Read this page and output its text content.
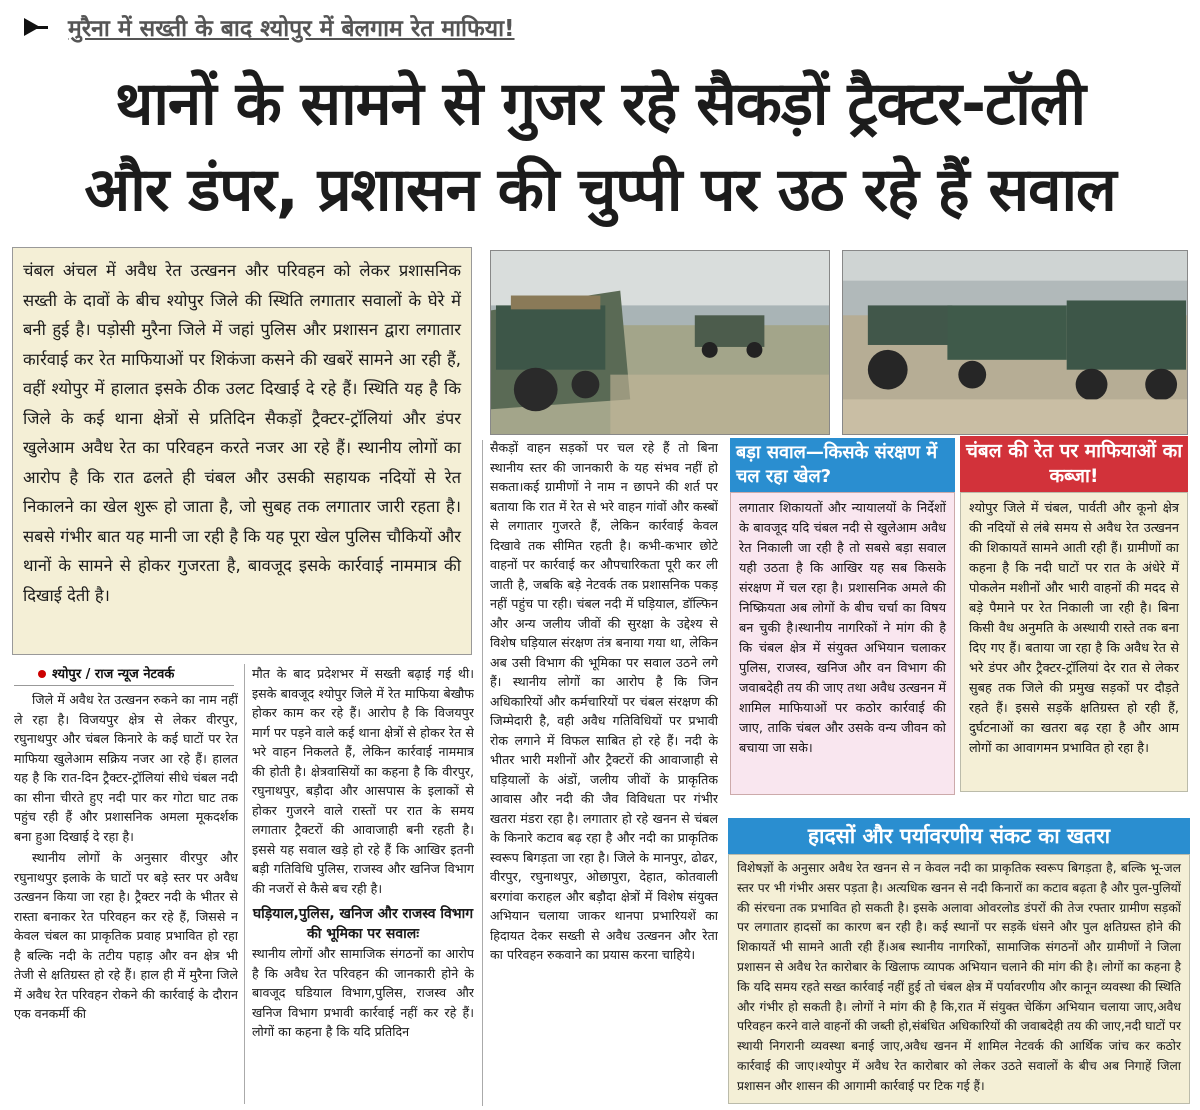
मुरैना में सख्ती के बाद श्योपुर में बेलगाम रेत माफिया!
थानों के सामने से गुजर रहे सैकड़ों ट्रैक्टर-टॉली
और डंपर, प्रशासन की चुप्पी पर उठ रहे हैं सवाल
चंबल अंचल में अवैध रेत उत्खनन और परिवहन को लेकर प्रशासनिक सख्ती के दावों के बीच श्योपुर जिले की स्थिति लगातार सवालों के घेरे में बनी हुई है। पड़ोसी मुरैना जिले में जहां पुलिस और प्रशासन द्वारा लगातार कार्रवाई कर रेत माफियाओं पर शिकंजा कसने की खबरें सामने आ रही हैं, वहीं श्योपुर में हालात इसके ठीक उलट दिखाई दे रहे हैं। स्थिति यह है कि जिले के कई थाना क्षेत्रों से प्रतिदिन सैकड़ों ट्रैक्टर-ट्रॉलियां और डंपर खुलेआम अवैध रेत का परिवहन करते नजर आ रहे हैं। स्थानीय लोगों का आरोप है कि रात ढलते ही चंबल और उसकी सहायक नदियों से रेत निकालने का खेल शुरू हो जाता है, जो सुबह तक लगातार जारी रहता है। सबसे गंभीर बात यह मानी जा रही है कि यह पूरा खेल पुलिस चौकियों और थानों के सामने से होकर गुजरता है, बावजूद इसके कार्रवाई नाममात्र की दिखाई देती है।
श्योपुर / राज न्यूज नेटवर्क

जिले में अवैध रेत उत्खनन रुकने का नाम नहीं ले रहा है। विजयपुर क्षेत्र से लेकर वीरपुर, रघुनाथपुर और चंबल किनारे के कई घाटों पर रेत माफिया खुलेआम सक्रिय नजर आ रहे हैं। हालत यह है कि रात-दिन ट्रैक्टर-ट्रॉलियां सीधे चंबल नदी का सीना चीरते हुए नदी पार कर गोटा घाट तक पहुंच रही हैं और प्रशासनिक अमला मूकदर्शक बना हुआ दिखाई दे रहा है।

स्थानीय लोगों के अनुसार वीरपुर और रघुनाथपुर इलाके के घाटों पर बड़े स्तर पर अवैध उत्खनन किया जा रहा है। ट्रैक्टर नदी के भीतर से रास्ता बनाकर रेत परिवहन कर रहे हैं, जिससे न केवल चंबल का प्राकृतिक प्रवाह प्रभावित हो रहा है बल्कि नदी के तटीय पहाड़ और वन क्षेत्र भी तेजी से क्षतिग्रस्त हो रहे हैं। हाल ही में मुरैना जिले में अवैध रेत परिवहन रोकने की कार्रवाई के दौरान एक वनकर्मी की

मौत के बाद प्रदेशभर में सख्ती बढ़ाई गई थी। इसके बावजूद श्योपुर जिले में रेत माफिया बेखौफ होकर काम कर रहे हैं। आरोप है कि विजयपुर मार्ग पर पड़ने वाले कई थाना क्षेत्रों से होकर रेत से भरे वाहन निकलते हैं, लेकिन कार्रवाई नाममात्र की होती है। क्षेत्रवासियों का कहना है कि वीरपुर, रघुनाथपुर, बड़ौदा और आसपास के इलाकों से होकर गुजरने वाले रास्तों पर रात के समय लगातार ट्रैक्टरों की आवाजाही बनी रहती है। इससे यह सवाल खड़े हो रहे हैं कि आखिर इतनी बड़ी गतिविधि पुलिस, राजस्व और खनिज विभाग की नजरों से कैसे बच रही है।
घड़ियाल,पुलिस, खनिज और राजस्व विभाग की भूमिका पर सवालः
स्थानीय लोगों और सामाजिक संगठनों का आरोप है कि अवैध रेत परिवहन की जानकारी होने के बावजूद घडियाल विभाग,पुलिस, राजस्व और खनिज विभाग प्रभावी कार्रवाई नहीं कर रहे हैं। लोगों का कहना है कि यदि प्रतिदिन
सैकड़ों वाहन सड़कों पर चल रहे हैं तो बिना स्थानीय स्तर की जानकारी के यह संभव नहीं हो सकता।कई ग्रामीणों ने नाम न छापने की शर्त पर बताया कि रात में रेत से भरे वाहन गांवों और कस्बों से लगातार गुजरते हैं, लेकिन कार्रवाई केवल दिखावे तक सीमित रहती है। कभी-कभार छोटे वाहनों पर कार्रवाई कर औपचारिकता पूरी कर ली जाती है, जबकि बड़े नेटवर्क तक प्रशासनिक पकड़ नहीं पहुंच पा रही। चंबल नदी में घड़ियाल, डॉल्फिन और अन्य जलीय जीवों की सुरक्षा के उद्देश्य से विशेष घड़ियाल संरक्षण तंत्र बनाया गया था, लेकिन अब उसी विभाग की भूमिका पर सवाल उठने लगे हैं। स्थानीय लोगों का आरोप है कि जिन अधिकारियों और कर्मचारियों पर चंबल संरक्षण की जिम्मेदारी है, वही अवैध गतिविधियों पर प्रभावी रोक लगाने में विफल साबित हो रहे हैं। नदी के भीतर भारी मशीनों और ट्रैक्टरों की आवाजाही से घड़ियालों के अंडों, जलीय जीवों के प्राकृतिक आवास और नदी की जैव विविधता पर गंभीर खतरा मंडरा रहा है। लगातार हो रहे खनन से चंबल के किनारे कटाव बढ़ रहा है और नदी का प्राकृतिक स्वरूप बिगड़ता जा रहा है। जिले के मानपुर, ढोढर, वीरपुर, रघुनाथपुर, ओछापुरा, देहात, कोतवाली बरगांवा कराहल और बड़ौदा क्षेत्रों में विशेष संयुक्त अभियान चलाया जाकर थानपा प्रभारियशें का हिदायत देकर सख्ती से अवैध उत्खनन और रेता का परिवहन रुकवाने का प्रयास करना चाहिये।
बड़ा सवाल—किसके संरक्षण में चल रहा खेल?
लगातार शिकायतों और न्यायालयों के निर्देशों के बावजूद यदि चंबल नदी से खुलेआम अवैध रेत निकाली जा रही है तो सबसे बड़ा सवाल यही उठता है कि आखिर यह सब किसके संरक्षण में चल रहा है। प्रशासनिक अमले की निष्क्रियता अब लोगों के बीच चर्चा का विषय बन चुकी है।स्थानीय नागरिकों ने मांग की है कि चंबल क्षेत्र में संयुक्त अभियान चलाकर पुलिस, राजस्व, खनिज और वन विभाग की जवाबदेही तय की जाए तथा अवैध उत्खनन में शामिल माफियाओं पर कठोर कार्रवाई की जाए, ताकि चंबल और उसके वन्य जीवन को बचाया जा सके।
चंबल की रेत पर माफियाओं का कब्जा!
श्योपुर जिले में चंबल, पार्वती और कूनो क्षेत्र की नदियों से लंबे समय से अवैध रेत उत्खनन की शिकायतें सामने आती रही हैं। ग्रामीणों का कहना है कि नदी घाटों पर रात के अंधेरे में पोकलेन मशीनों और भारी वाहनों की मदद से बड़े पैमाने पर रेत निकाली जा रही है। बिना किसी वैध अनुमति के अस्थायी रास्ते तक बना दिए गए हैं। बताया जा रहा है कि अवैध रेत से भरे डंपर और ट्रैक्टर-ट्रॉलियां देर रात से लेकर सुबह तक जिले की प्रमुख सड़कों पर दौड़ते रहते हैं। इससे सड़कें क्षतिग्रस्त हो रही हैं, दुर्घटनाओं का खतरा बढ़ रहा है और आम लोगों का आवागमन प्रभावित हो रहा है।
हादसों और पर्यावरणीय संकट का खतरा
विशेषज्ञों के अनुसार अवैध रेत खनन से न केवल नदी का प्राकृतिक स्वरूप बिगड़ता है, बल्कि भू-जल स्तर पर भी गंभीर असर पड़ता है। अत्यधिक खनन से नदी किनारों का कटाव बढ़ता है और पुल-पुलियों की संरचना तक प्रभावित हो सकती है। इसके अलावा ओवरलोड डंपरों की तेज रफ्तार ग्रामीण सड़कों पर लगातार हादसों का कारण बन रही है। कई स्थानों पर सड़कें धंसने और पुल क्षतिग्रस्त होने की शिकायतें भी सामने आती रही हैं।अब स्थानीय नागरिकों, सामाजिक संगठनों और ग्रामीणों ने जिला प्रशासन से अवैध रेत कारोबार के खिलाफ व्यापक अभियान चलाने की मांग की है। लोगों का कहना है कि यदि समय रहते सख्त कार्रवाई नहीं हुई तो चंबल क्षेत्र में पर्यावरणीय और कानून व्यवस्था की स्थिति और गंभीर हो सकती है। लोगों ने मांग की है कि,रात में संयुक्त चेकिंग अभियान चलाया जाए,अवैध परिवहन करने वाले वाहनों की जब्ती हो,संबंधित अधिकारियों की जवाबदेही तय की जाए,नदी घाटों पर स्थायी निगरानी व्यवस्था बनाई जाए,अवैध खनन में शामिल नेटवर्क की आर्थिक जांच कर कठोर कार्रवाई की जाए।श्योपुर में अवैध रेत कारोबार को लेकर उठते सवालों के बीच अब निगाहें जिला प्रशासन और शासन की आगामी कार्रवाई पर टिक गई हैं।
